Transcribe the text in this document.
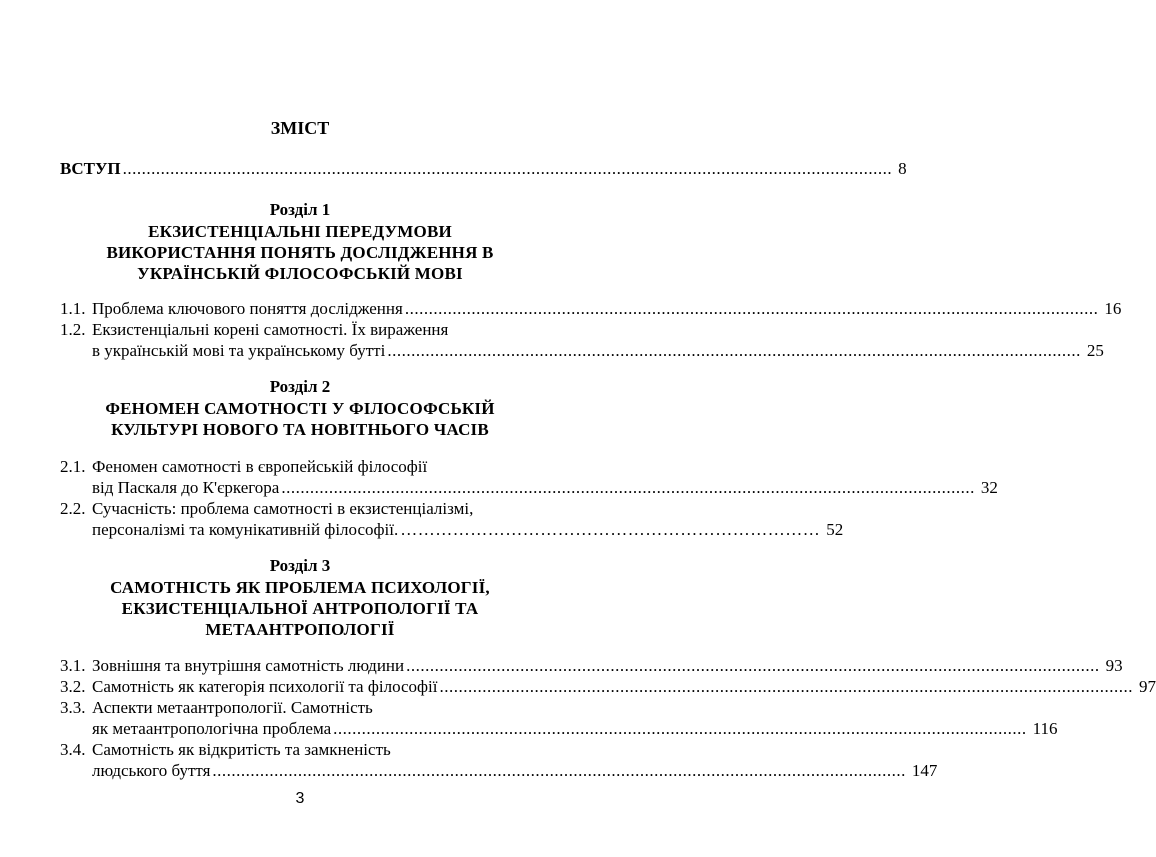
ЗМІСТ
ВСТУП .................................................................................................................................................................. 8
Розділ 1
ЕКЗИСТЕНЦІАЛЬНІ ПЕРЕДУМОВИ
ВИКОРИСТАННЯ ПОНЯТЬ ДОСЛІДЖЕННЯ В
УКРАЇНСЬКІЙ ФІЛОСОФСЬКІЙ МОВІ
1.1. Проблема ключового поняття дослідження .................................................................................................................................................. 16
1.2. Екзистенціальні корені самотності. Їх вираження
в українській мові та українському бутті .................................................................................................................................................. 25
Розділ 2
ФЕНОМЕН САМОТНОСТІ У ФІЛОСОФСЬКІЙ
КУЛЬТУРІ НОВОГО ТА НОВІТНЬОГО ЧАСІВ
2.1. Феномен самотності в європейській філософії
від Паскаля до К'єркегора .................................................................................................................................................. 32
2.2. Сучасність: проблема самотності в екзистенціалізмі,
персоналізмі та комунікативній філософії. ……………………………………………………………… 52
Розділ 3
САМОТНІСТЬ ЯК ПРОБЛЕМА ПСИХОЛОГІЇ,
ЕКЗИСТЕНЦІАЛЬНОЇ АНТРОПОЛОГІЇ ТА
МЕТААНТРОПОЛОГІЇ
3.1. Зовнішня та внутрішня самотність людини .................................................................................................................................................. 93
3.2. Самотність як категорія психології та філософії .................................................................................................................................................. 97
3.3. Аспекти метаантропології. Самотність
як метаантропологічна проблема .................................................................................................................................................. 116
3.4. Самотність як відкритість та замкненість
людського буття .................................................................................................................................................. 147
3
